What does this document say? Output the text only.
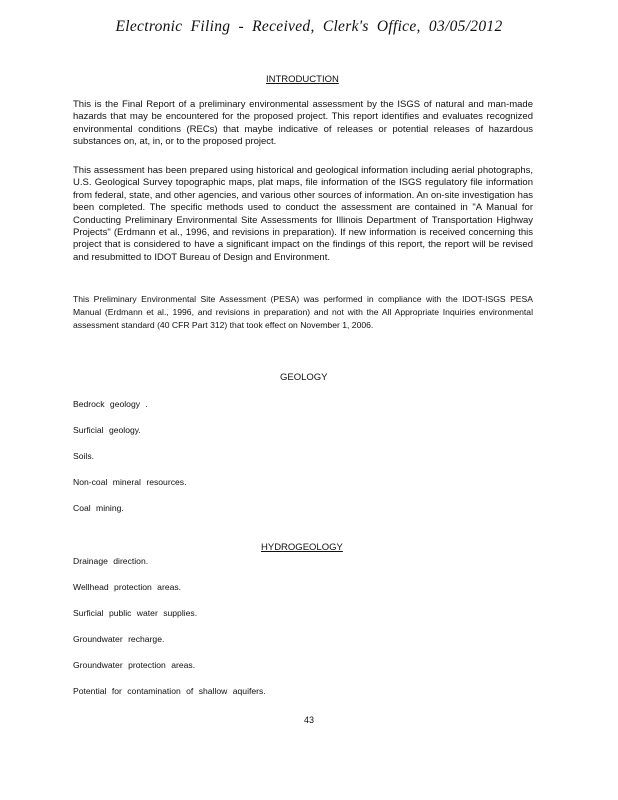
Electronic Filing - Received, Clerk's Office, 03/05/2012
INTRODUCTION
This is the Final Report of a preliminary environmental assessment by the ISGS of natural and man-made hazards that may be encountered for the proposed project. This report identifies and evaluates recognized environmental conditions (RECs) that maybe indicative of releases or potential releases of hazardous substances on, at, in, or to the proposed project.
This assessment has been prepared using historical and geological information including aerial photographs, U.S. Geological Survey topographic maps, plat maps, file information of the ISGS regulatory file information from federal, state, and other agencies, and various other sources of information. An on-site investigation has been completed. The specific methods used to conduct the assessment are contained in "A Manual for Conducting Preliminary Environmental Site Assessments for Illinois Department of Transportation Highway Projects" (Erdmann et al., 1996, and revisions in preparation). If new information is received concerning this project that is considered to have a significant impact on the findings of this report, the report will be revised and resubmitted to IDOT Bureau of Design and Environment.
This Preliminary Environmental Site Assessment (PESA) was performed in compliance with the IDOT-ISGS PESA Manual (Erdmann et al., 1996, and revisions in preparation) and not with the All Appropriate Inquiries environmental assessment standard (40 CFR Part 312) that took effect on November 1, 2006.
GEOLOGY
Bedrock geology .
Surficial geology.
Soils.
Non-coal mineral resources.
Coal mining.
HYDROGEOLOGY
Drainage direction.
Wellhead protection areas.
Surficial public water supplies.
Groundwater recharge.
Groundwater protection areas.
Potential for contamination of shallow aquifers.
43
